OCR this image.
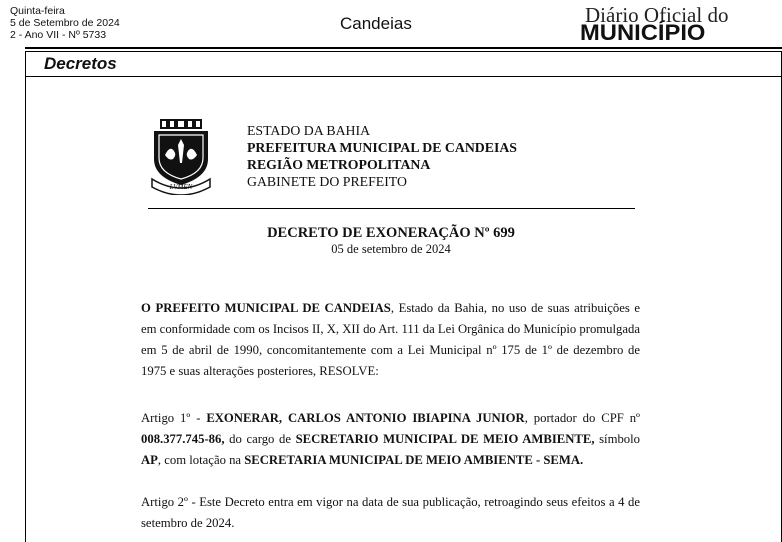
Quinta-feira
5 de Setembro de 2024
2 - Ano VII - Nº 5733
Candeias	Diário Oficial do
MUNICÍPIO
Decretos
LVMEN
ESTADO DA BAHIA
PREFEITURA MUNICIPAL DE CANDEIAS
REGIÃO METROPOLITANA
GABINETE DO PREFEITO
DECRETO DE EXONERAÇÃO Nº 699
05 de setembro de 2024
O PREFEITO MUNICIPAL DE CANDEIAS, Estado da Bahia, no uso de suas atribuições e em conformidade com os Incisos II, X, XII do Art. 111 da Lei Orgânica do Município promulgada em 5 de abril de 1990, concomitantemente com a Lei Municipal nº 175 de 1º de dezembro de 1975 e suas alterações posteriores, RESOLVE:
Artigo 1º - EXONERAR, CARLOS ANTONIO IBIAPINA JUNIOR, portador do CPF nº 008.377.745-86, do cargo de SECRETARIO MUNICIPAL DE MEIO AMBIENTE, símbolo AP, com lotação na SECRETARIA MUNICIPAL DE MEIO AMBIENTE - SEMA.
Artigo 2º - Este Decreto entra em vigor na data de sua publicação, retroagindo seus efeitos a 4 de setembro de 2024.
